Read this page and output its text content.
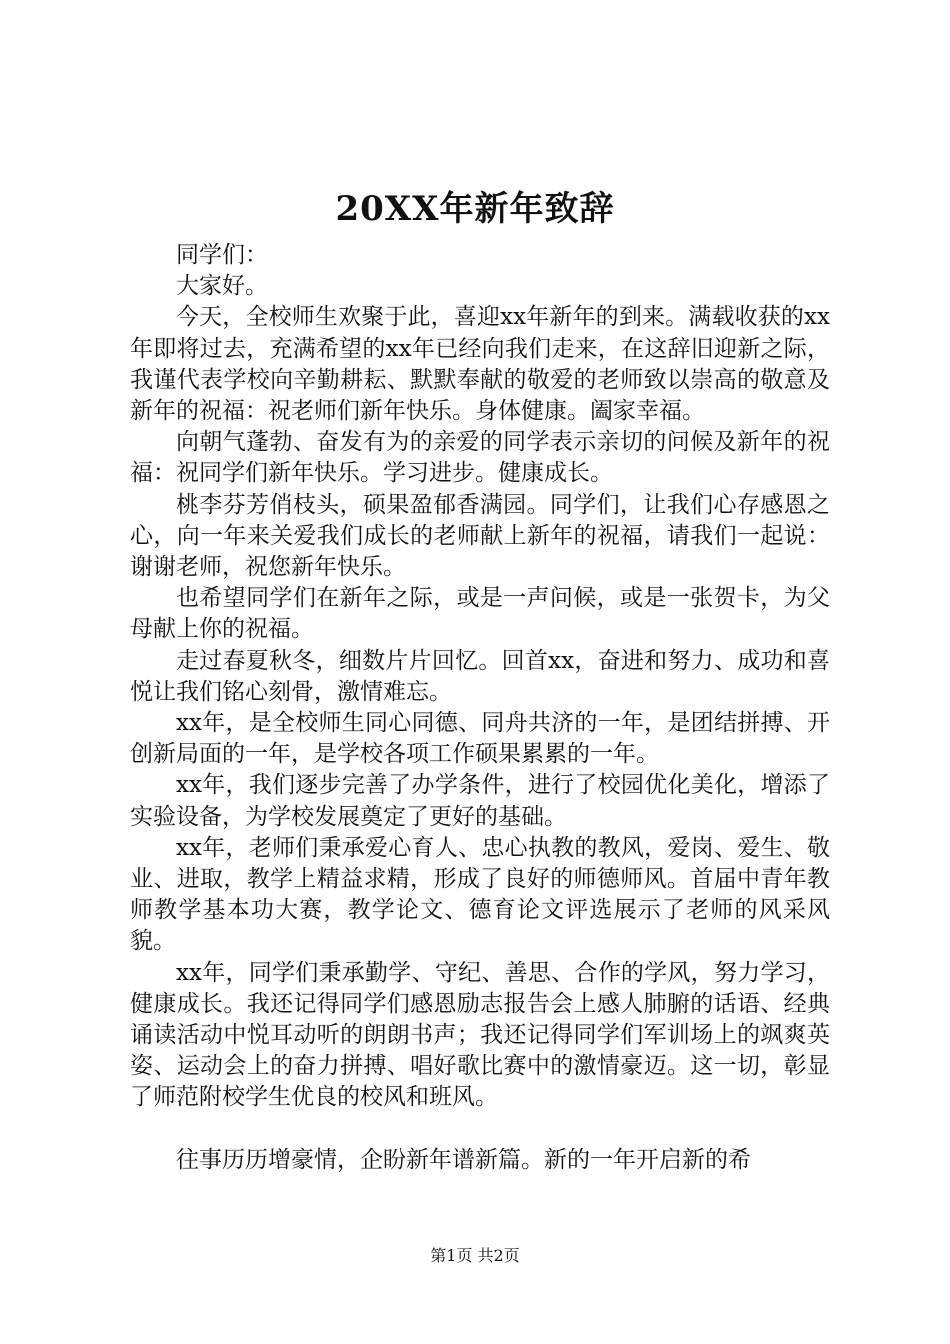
20XX年新年致辞

同学们：

大家好。

今天，全校师生欢聚于此，喜迎xx年新年的到来。满载收获的xx年即将过去，充满希望的xx年已经向我们走来，在这辞旧迎新之际，我谨代表学校向辛勤耕耘、默默奉献的敬爱的老师致以崇高的敬意及新年的祝福：祝老师们新年快乐。身体健康。阖家幸福。

向朝气蓬勃、奋发有为的亲爱的同学表示亲切的问候及新年的祝福：祝同学们新年快乐。学习进步。健康成长。

桃李芬芳俏枝头，硕果盈郁香满园。同学们，让我们心存感恩之心，向一年来关爱我们成长的老师献上新年的祝福，请我们一起说：谢谢老师，祝您新年快乐。

也希望同学们在新年之际，或是一声问候，或是一张贺卡，为父母献上你的祝福。

走过春夏秋冬，细数片片回忆。回首xx，奋进和努力、成功和喜悦让我们铭心刻骨，激情难忘。

xx年，是全校师生同心同德、同舟共济的一年，是团结拼搏、开创新局面的一年，是学校各项工作硕果累累的一年。

xx年，我们逐步完善了办学条件，进行了校园优化美化，增添了实验设备，为学校发展奠定了更好的基础。

xx年，老师们秉承爱心育人、忠心执教的教风，爱岗、爱生、敬业、进取，教学上精益求精，形成了良好的师德师风。首届中青年教师教学基本功大赛，教学论文、德育论文评选展示了老师的风采风貌。

xx年，同学们秉承勤学、守纪、善思、合作的学风，努力学习，健康成长。我还记得同学们感恩励志报告会上感人肺腑的话语、经典诵读活动中悦耳动听的朗朗书声；我还记得同学们军训场上的飒爽英姿、运动会上的奋力拼搏、唱好歌比赛中的激情豪迈。这一切，彰显了师范附校学生优良的校风和班风。

往事历历增豪情，企盼新年谱新篇。新的一年开启新的希

第1页 共2页
